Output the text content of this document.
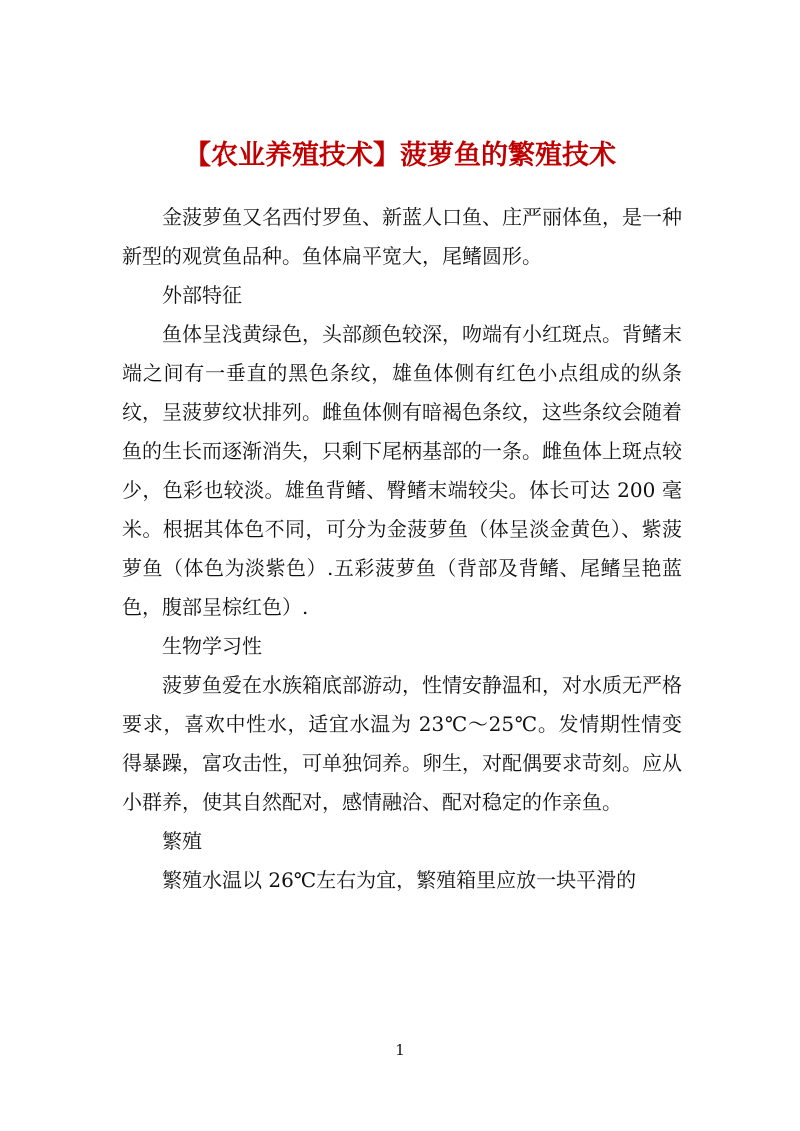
【农业养殖技术】菠萝鱼的繁殖技术

金菠萝鱼又名西付罗鱼、新蓝人口鱼、庄严丽体鱼，是一种新型的观赏鱼品种。鱼体扁平宽大，尾鳍圆形。

外部特征

鱼体呈浅黄绿色，头部颜色较深，吻端有小红斑点。背鳍末端之间有一垂直的黑色条纹，雄鱼体侧有红色小点组成的纵条纹，呈菠萝纹状排列。雌鱼体侧有暗褐色条纹，这些条纹会随着鱼的生长而逐渐消失，只剩下尾柄基部的一条。雌鱼体上斑点较少，色彩也较淡。雄鱼背鳍、臀鳍末端较尖。体长可达 200 毫米。根据其体色不同，可分为金菠萝鱼（体呈淡金黄色）、紫菠萝鱼（体色为淡紫色）.五彩菠萝鱼（背部及背鳍、尾鳍呈艳蓝色，腹部呈棕红色）.

生物学习性

菠萝鱼爱在水族箱底部游动，性情安静温和，对水质无严格要求，喜欢中性水，适宜水温为 23℃～25℃。发情期性情变得暴躁，富攻击性，可单独饲养。卵生，对配偶要求苛刻。应从小群养，使其自然配对，感情融洽、配对稳定的作亲鱼。

繁殖

繁殖水温以 26℃左右为宜，繁殖箱里应放一块平滑的

1
